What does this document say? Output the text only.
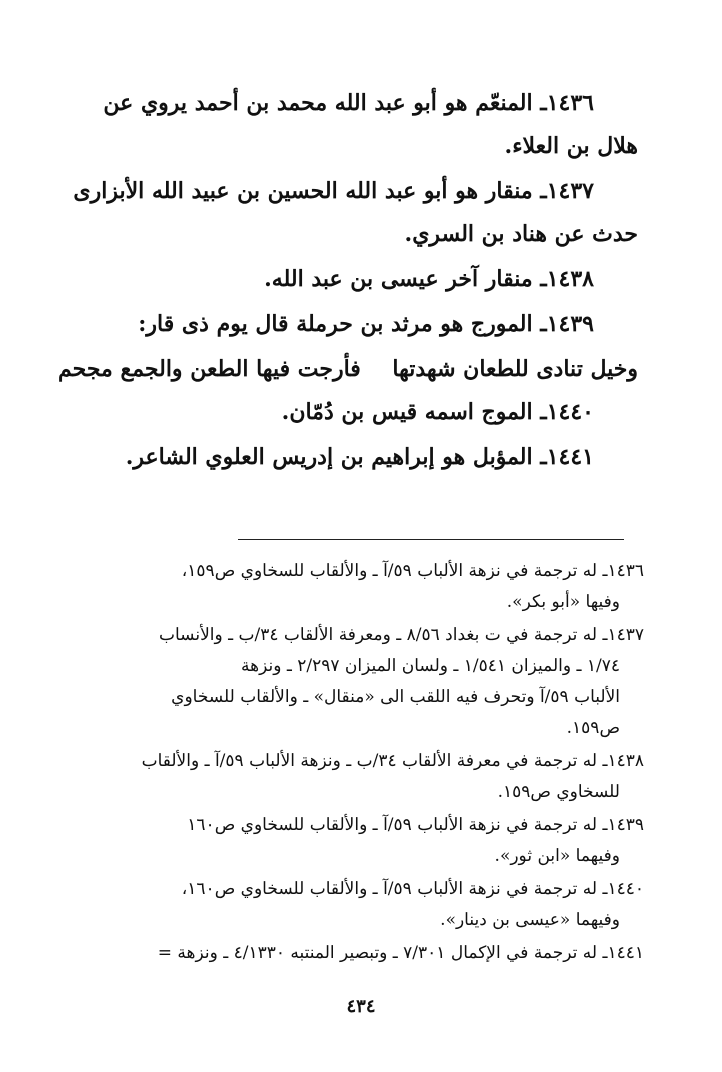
١٤٣٦ـ المنعّم هو أبو عبد الله محمد بن أحمد يروي عن هلال بن العلاء.

١٤٣٧ـ منقار هو أبو عبد الله الحسين بن عبيد الله الأبزارى حدث عن هناد بن السري.

١٤٣٨ـ منقار آخر عيسى بن عبد الله.

١٤٣٩ـ المورج هو مرثد بن حرملة قال يوم ذى قار:

وخيل تنادى للطعان شهدتها
فأرجت فيها الطعن والجمع مجحم

١٤٤٠ـ الموج اسمه قيس بن دُمّان.

١٤٤١ـ المؤبل هو إبراهيم بن إدريس العلوي الشاعر.

١٤٣٦ـ له ترجمة في نزهة الألباب ٥٩/آ ـ والألقاب للسخاوي ص١٥٩،
وفيها «أبو بكر».
١٤٣٧ـ له ترجمة في ت بغداد ٨/٥٦ ـ ومعرفة الألقاب ٣٤/ب ـ والأنساب
١/٧٤ ـ والميزان ١/٥٤١ ـ ولسان الميزان ٢/٢٩٧ ـ ونزهة
الألباب ٥٩/آ وتحرف فيه اللقب الى «منقال» ـ والألقاب للسخاوي
ص١٥٩.
١٤٣٨ـ له ترجمة في معرفة الألقاب ٣٤/ب ـ ونزهة الألباب ٥٩/آ ـ والألقاب
للسخاوي ص١٥٩.
١٤٣٩ـ له ترجمة في نزهة الألباب ٥٩/آ ـ والألقاب للسخاوي ص١٦٠
وفيهما «ابن ثور».
١٤٤٠ـ له ترجمة في نزهة الألباب ٥٩/آ ـ والألقاب للسخاوي ص١٦٠،
وفيهما «عيسى بن دينار».
١٤٤١ـ له ترجمة في الإكمال ٧/٣٠١ ـ وتبصير المنتبه ٤/١٣٣٠ ـ ونزهة =
٤٣٤
